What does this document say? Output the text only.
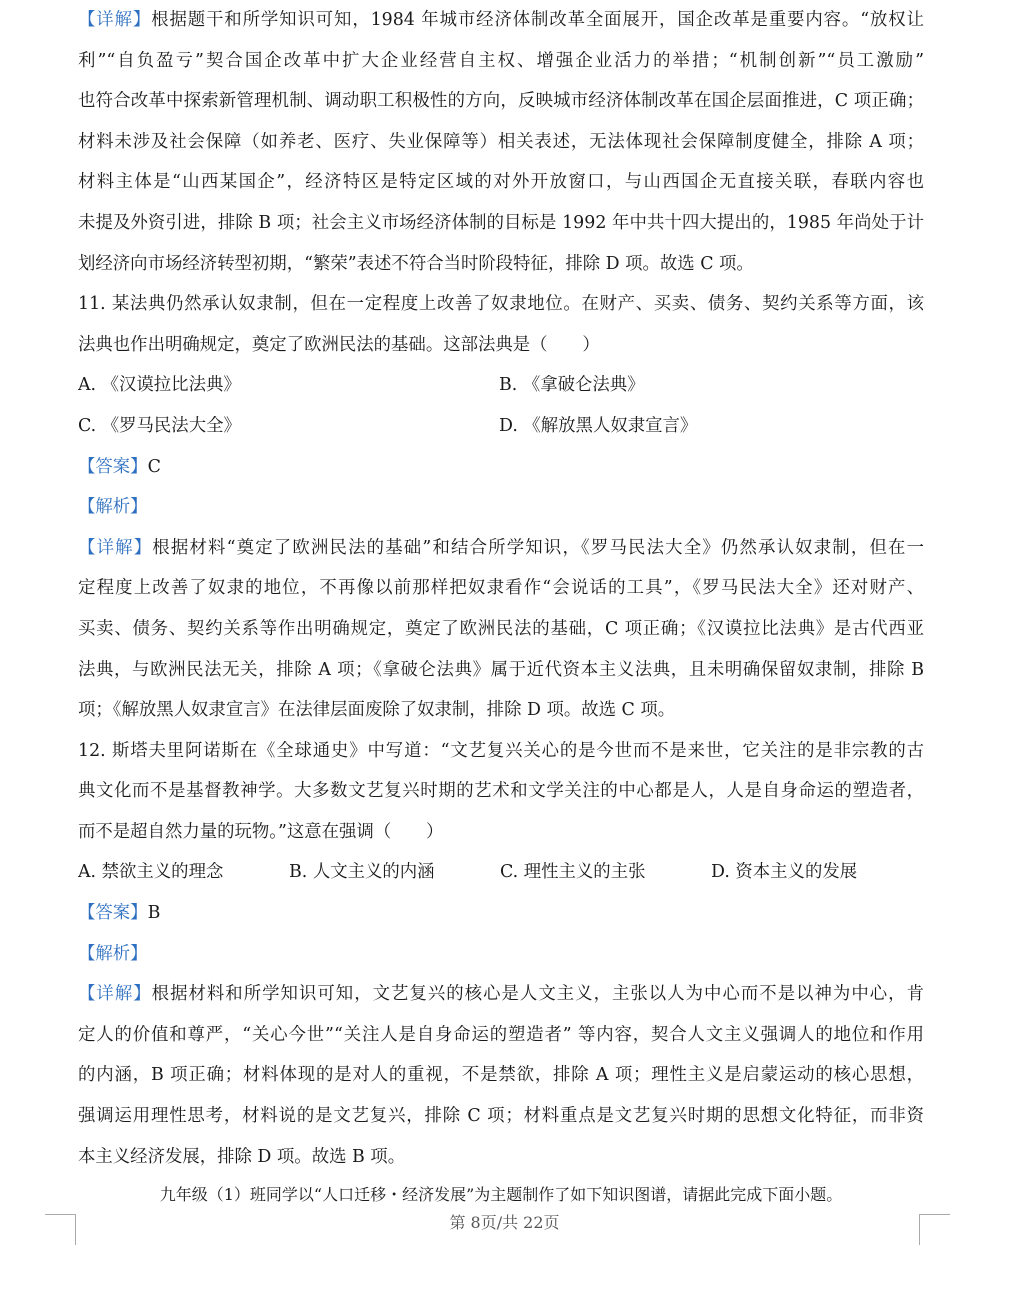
【详解】根据题干和所学知识可知，1984 年城市经济体制改革全面展开，国企改革是重要内容。“放权让
利”“自负盈亏”契合国企改革中扩大企业经营自主权、增强企业活力的举措；“机制创新”“员工激励”
也符合改革中探索新管理机制、调动职工积极性的方向，反映城市经济体制改革在国企层面推进，C 项正确；
材料未涉及社会保障（如养老、医疗、失业保障等）相关表述，无法体现社会保障制度健全，排除 A 项；
材料主体是“山西某国企”，经济特区是特定区域的对外开放窗口，与山西国企无直接关联，春联内容也
未提及外资引进，排除 B 项；社会主义市场经济体制的目标是 1992 年中共十四大提出的，1985 年尚处于计
划经济向市场经济转型初期，“繁荣”表述不符合当时阶段特征，排除 D 项。故选 C 项。
11. 某法典仍然承认奴隶制，但在一定程度上改善了奴隶地位。在财产、买卖、债务、契约关系等方面，该
法典也作出明确规定，奠定了欧洲民法的基础。这部法典是（　　）
A. 《汉谟拉比法典》	B. 《拿破仑法典》
C. 《罗马民法大全》	D. 《解放黑人奴隶宣言》
【答案】C
【解析】
【详解】根据材料“奠定了欧洲民法的基础”和结合所学知识，《罗马民法大全》仍然承认奴隶制，但在一
定程度上改善了奴隶的地位，不再像以前那样把奴隶看作“会说话的工具”，《罗马民法大全》还对财产、
买卖、债务、契约关系等作出明确规定，奠定了欧洲民法的基础，C 项正确；《汉谟拉比法典》是古代西亚
法典，与欧洲民法无关，排除 A 项；《拿破仑法典》属于近代资本主义法典，且未明确保留奴隶制，排除 B
项；《解放黑人奴隶宣言》在法律层面废除了奴隶制，排除 D 项。故选 C 项。
12. 斯塔夫里阿诺斯在《全球通史》中写道：“文艺复兴关心的是今世而不是来世，它关注的是非宗教的古
典文化而不是基督教神学。大多数文艺复兴时期的艺术和文学关注的中心都是人，人是自身命运的塑造者，
而不是超自然力量的玩物。”这意在强调（　　）
A. 禁欲主义的理念	B. 人文主义的内涵	C. 理性主义的主张	D. 资本主义的发展
【答案】B
【解析】
【详解】根据材料和所学知识可知，文艺复兴的核心是人文主义，主张以人为中心而不是以神为中心，肯
定人的价值和尊严，“关心今世”“关注人是自身命运的塑造者” 等内容，契合人文主义强调人的地位和作用
的内涵，B 项正确；材料体现的是对人的重视，不是禁欲，排除 A 项；理性主义是启蒙运动的核心思想，
强调运用理性思考，材料说的是文艺复兴，排除 C 项；材料重点是文艺复兴时期的思想文化特征，而非资
本主义经济发展，排除 D 项。故选 B 项。
九年级（1）班同学以“人口迁移・经济发展”为主题制作了如下知识图谱，请据此完成下面小题。
第 8页/共 22页
